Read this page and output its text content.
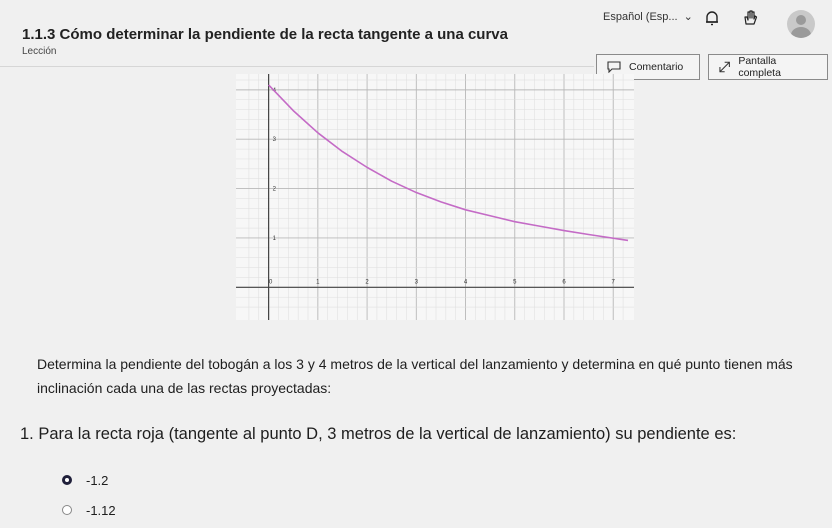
Español (Esp... ⌄
1.1.3 Cómo determinar la pendiente de la recta tangente a una curva
Lección
Comentario	Pantalla completa
0	1	2	3	4	5	6	7
1
2
3
4
Determina la pendiente del tobogán a los 3 y 4 metros de la vertical del lanzamiento y determina en qué punto tienen más inclinación cada una de las rectas proyectadas:
1. Para la recta roja (tangente al punto D, 3 metros de la vertical de lanzamiento) su pendiente es:
-1.2
-1.12
